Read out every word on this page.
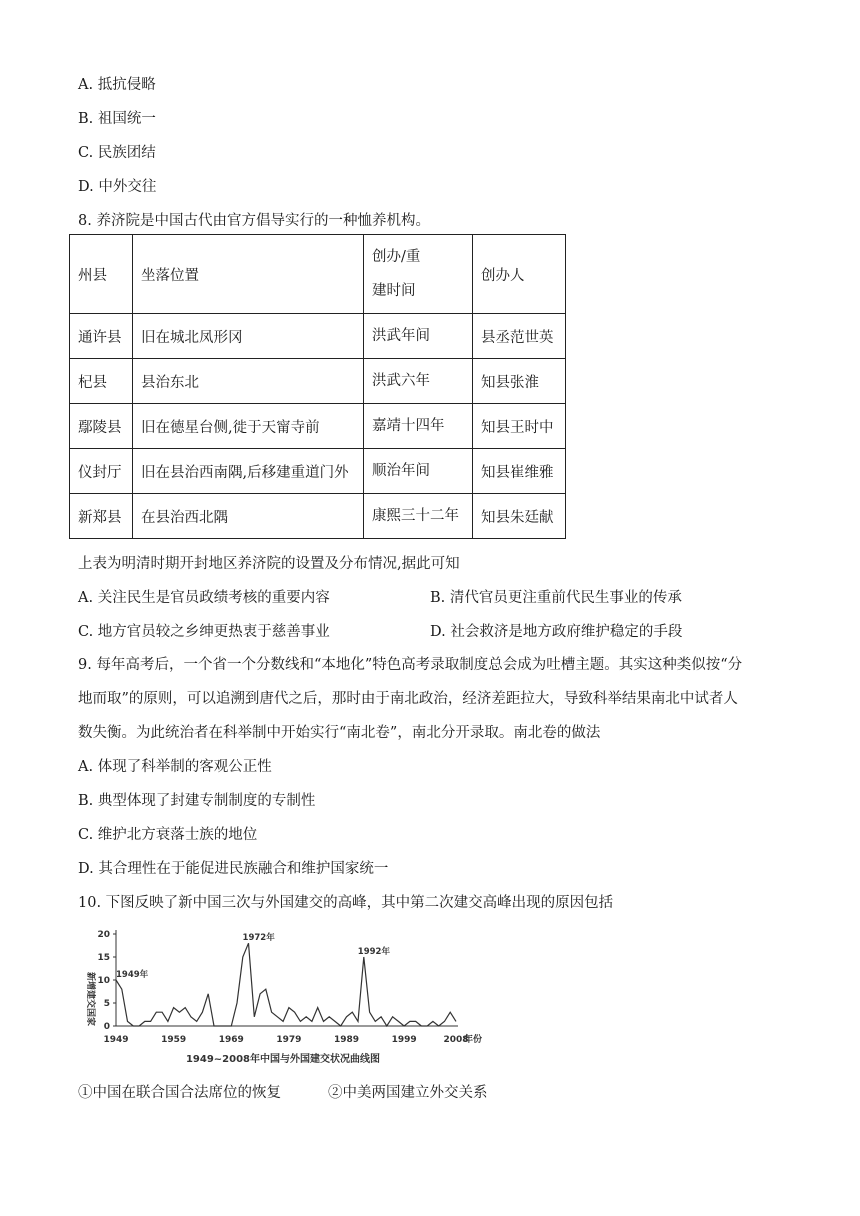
A. 抵抗侵略
B. 祖国统一
C. 民族团结
D. 中外交往
8. 养济院是中国古代由官方倡导实行的一种恤养机构。
州县	坐落位置	创办/重
建时间	创办人
通许县	旧在城北凤形冈	洪武年间	县丞范世英
杞县	县治东北	洪武六年	知县张淮
鄢陵县	旧在德星台侧,徙于天甯寺前	嘉靖十四年	知县王时中
仪封厅	旧在县治西南隅,后移建重道门外	顺治年间	知县崔维雅
新郑县	在县治西北隅	康熙三十二年	知县朱廷献
上表为明清时期开封地区养济院的设置及分布情况,据此可知
A. 关注民生是官员政绩考核的重要内容	B. 清代官员更注重前代民生事业的传承
C. 地方官员较之乡绅更热衷于慈善事业	D. 社会救济是地方政府维护稳定的手段
9. 每年高考后，一个省一个分数线和“本地化”特色高考录取制度总会成为吐槽主题。其实这种类似按“分
地而取”的原则，可以追溯到唐代之后，那时由于南北政治，经济差距拉大，导致科举结果南北中试者人
数失衡。为此统治者在科举制中开始实行“南北卷”，南北分开录取。南北卷的做法
A. 体现了科举制的客观公正性
B. 典型体现了封建专制制度的专制性
C. 维护北方衰落士族的地位
D. 其合理性在于能促进民族融合和维护国家统一
10. 下图反映了新中国三次与外国建交的高峰，其中第二次建交高峰出现的原因包括
0
5
10
15
20
1949	1959	1969	1979	1989	1999	2008
1949年
1972年
1992年
新增建交国家
年份
1949~2008年中国与外国建交状况曲线图
①中国在联合国合法席位的恢复	②中美两国建立外交关系
